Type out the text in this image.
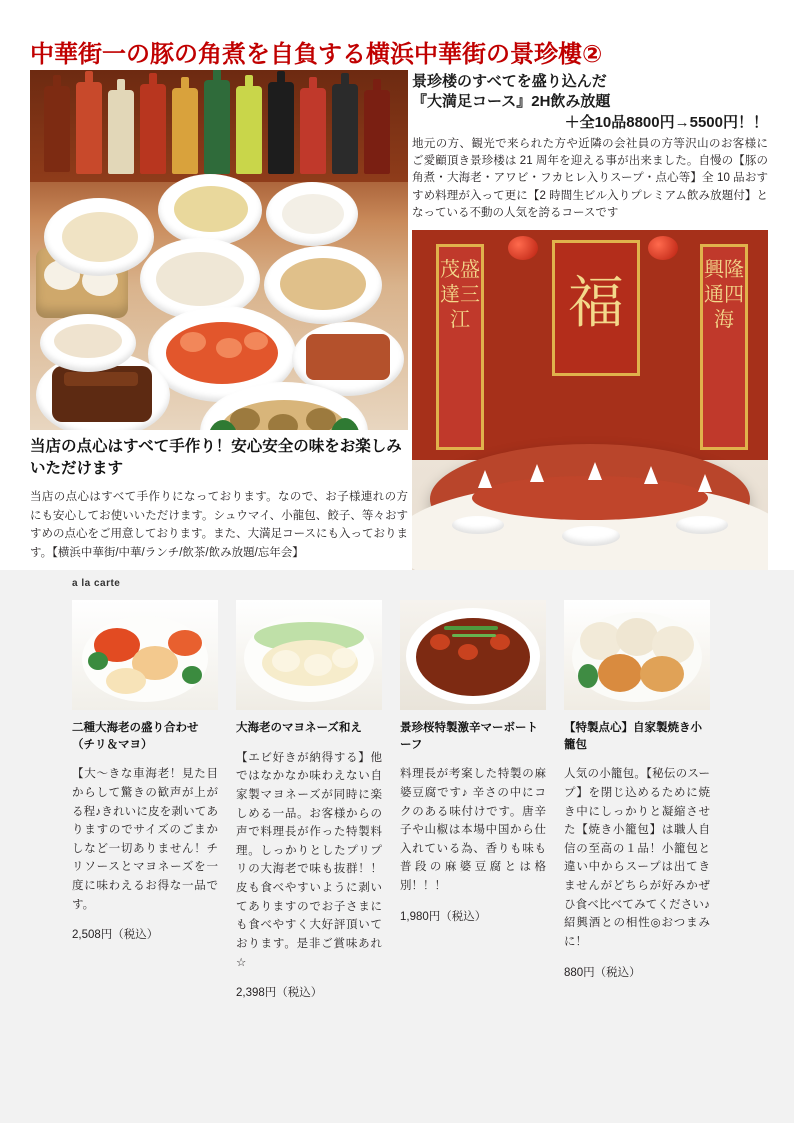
中華街一の豚の角煮を自負する横浜中華街の景珍樓②
景珍楼のすべてを盛り込んだ
『大満足コース』2H飲み放題
＋全10品8800円→5500円！！
地元の方、観光で来られた方や近隣の会社員の方等沢山のお客様にご愛顧頂き景珍楼は 21 周年を迎える事が出来ました。自慢の【豚の角煮・大海老・アワビ・フカヒレ入りスープ・点心等】全 10 品おすすめ料理が入って更に【2 時間生ビル入りプレミアム飲み放題付】となっている不動の人気を誇るコースです
茂盛達三江 福
興隆通四海
当店の点心はすべて手作り！安心安全の味をお楽しみいただけます
当店の点心はすべて手作りになっております。なので、お子様連れの方にも安心してお使いいただけます。シュウマイ、小龍包、餃子、等々おすすめの点心をご用意しております。また、大満足コースにも入っております。【横浜中華街/中華/ランチ/飲茶/飲み放題/忘年会】
a la carte
二種大海老の盛り合わせ（チリ＆マヨ）
【大〜きな車海老！見た目からして驚きの歓声が上がる程♪きれいに皮を剥いてありますのでサイズのごまかしなど一切ありません！チリソースとマヨネーズを一度に味わえるお得な一品です。
2,508円（税込）
大海老のマヨネーズ和え
【エビ好きが納得する】他ではなかなか味わえない自家製マヨネーズが同時に楽しめる一品。お客様からの声で料理長が作った特製料理。しっかりとしたプリプリの大海老で味も抜群！！皮も食べやすいように剥いてありますのでお子さまにも食べやすく大好評頂いております。是非ご賞味あれ☆
2,398円（税込）
景珍桜特製激辛マーボートーフ
料理長が考案した特製の麻婆豆腐です♪ 辛さの中にコクのある味付けです。唐辛子や山椒は本場中国から仕入れている為、香りも味も普段の麻婆豆腐とは格別！！！
1,980円（税込）
【特製点心】自家製焼き小籠包
人気の小籠包。【秘伝のスープ】を閉じ込めるために焼き中にしっかりと凝縮させた【焼き小籠包】は職人自信の至高の１品！小籠包と違い中からスープは出てきませんがどちらが好みかぜひ食べ比べてみてください♪紹興酒との相性◎おつまみに！
880円（税込）
